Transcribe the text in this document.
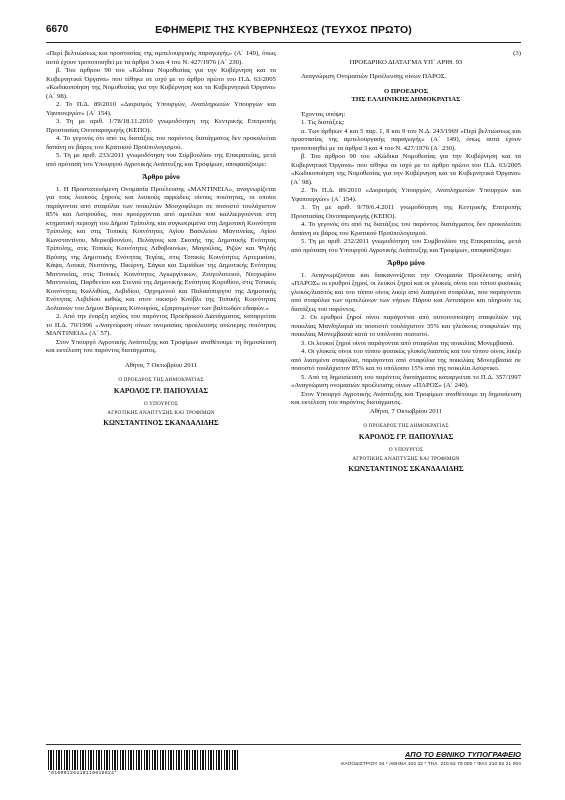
6670	ΕΦΗΜΕΡΙΣ ΤΗΣ ΚΥΒΕΡΝΗΣΕΩΣ (ΤΕΥΧΟΣ ΠΡΩΤΟ)

«Περί βελτιώσεως και προστασίας της αμπελουργικής παραγωγής» (Α΄ 149), όπως αυτά έχουν τροποποιηθεί με τα άρθρα 3 και 4 του Ν. 427/1976 (Α΄ 230).

β. Του άρθρου 90 του «Κώδικα Νομοθεσίας για την Κυβέρνηση και τα Κυβερνητικά Όργανα» που τέθηκε σε ισχύ με το άρθρο πρώτο του Π.Δ. 63/2005 «Κωδικοποίηση της Νομοθεσίας για την Κυβέρνηση και τα Κυβερνητικά Όργανα» (Α΄ 98).

2. Το Π.Δ. 89/2010 «Διορισμός Υπουργών, Αναπληρωτών Υπουργών και Υφυπουργών» (Α΄ 154).

3. Τη με αριθ. 1/78/18.11.2010 γνωμοδότηση της Κεντρικής Επιτροπής Προστασίας Οινοπαραγωγής (ΚΕΠΟ).

4. Το γεγονός ότι από τις διατάξεις του παρόντος διατάγματος δεν προκαλείται δαπάνη σε βάρος του Κρατικού Προϋπολογισμού.

5. Τη με αριθ. 233/2011 γνωμοδότηση του Συμβουλίου της Επικρατείας, μετά από πρόταση του Υπουργού Αγροτικής Ανάπτυξης και Τροφίμων, αποφασίζουμε:

Άρθρο μόνο

1. Η Προστατευόμενη Ονομασία Προέλευσης «ΜΑΝΤΙΝΕΙΑ», αναγνωρίζεται για τους λευκούς ξηρούς και λευκούς αφρώδεις οίνους ποιότητας, οι οποίοι παράγονται από σταφύλια των ποικιλιών Μοσχοφίλερο σε ποσοστό τουλάχιστον 85% και Ασπρούδες, που προέρχονται από αμπέλια που καλλιεργούνται στη κτηματική περιοχή του Δήμου Τρίπολης και συγκεκριμένα στη Δημοτική Κοινότητα Τρίπολης και στις Τοπικές Κοινότητες Αγίου Βασιλείου Μαντινείας, Αγίου Κωνσταντίνου, Μερκοβουνίου, Πελάγους και Σκοπής της Δημοτικής Ενότητας Τρίπολης, στις Τοπικές Κοινότητες Λιθοβουνίων, Μαγούλας, Ριζών και Ψηλής Βρύσης της Δημοτικής Ενότητας Τεγέας, στις Τοπικές Κοινότητες Αρτεμισίου, Κάψα, Λουκά, Νεστάνης, Πικέρνη, Σάγκα και Σιμιάδων της Δημοτικής Ενότητας Μαντινείας, στις Τοπικές Κοινότητες Αγιωργίτικων, Ζευγολατειού, Νεοχωρίου Μαντινείας, Παρθενίου και Στενού της Δημοτικής Ενότητας Κορυθίου, στις Τοπικές Κοινότητες Καλλιθέας, Λεβιδίου, Ορχομενού και Παλαιόπυργου της Δημοτικής Ενότητας Λεβιδίου καθώς και στον οικισμό Κούβλι της Τοπικής Κοινότητας Δολιανών του Δήμου Βόρειας Κυνουρίας, εξαιρουμένων των βαλτωδών εδαφών.»

2. Από την έναρξη ισχύος του παρόντος Προεδρικού Διατάγματος, καταργείται το Π.Δ. 70/1996 «Αναγνώριση οίνων ονομασίας προέλευσης ανώτερης ποιότητας ΜΑΝΤΙΝΕΙΑ» (Α΄ 57).

Στον Υπουργό Αγροτικής Ανάπτυξης και Τροφίμων αναθέτουμε τη δημοσίευση και εκτέλεση του παρόντος διατάγματος.

Αθήνα, 7 Οκτωβρίου 2011

Ο ΠΡΟΕΔΡΟΣ ΤΗΣ ΔΗΜΟΚΡΑΤΙΑΣ

ΚΑΡΟΛΟΣ ΓΡ. ΠΑΠΟΥΛΙΑΣ

Ο ΥΠΟΥΡΓΟΣ

ΑΓΡΟΤΙΚΗΣ ΑΝΑΠΤΥΞΗΣ ΚΑΙ ΤΡΟΦΙΜΩΝ

ΚΩΝΣΤΑΝΤΙΝΟΣ ΣΚΑΝΔΑΛΙΔΗΣ

(3)

ΠΡΟΕΔΡΙΚΟ ΔΙΑΤΑΓΜΑ ΥΠ΄ ΑΡΙΘ. 93

Αναγνώριση Ονομασιών Προέλευσης οίνων ΠΑΡΟΣ.

Ο ΠΡΟΕΔΡΟΣ

ΤΗΣ ΕΛΛΗΝΙΚΗΣ ΔΗΜΟΚΡΑΤΙΑΣ

Έχοντας υπόψη:

1. Τις διατάξεις:

α. Των άρθρων 4 και 5 παρ. 1, 8 και 9 του Ν.Δ. 243/1969 «Περί βελτιώσεως και προστασίας της αμπελουργικής παραγωγής» (Α΄ 149), όπως αυτά έχουν τροποποιηθεί με τα άρθρα 3 και 4 του Ν. 427/1976 (Α΄ 230).

β. Του άρθρου 90 του «Κώδικα Νομοθεσίας για την Κυβέρνηση και τα Κυβερνητικά Όργανα» που τέθηκε σε ισχύ με το άρθρο πρώτο του Π.Δ. 63/2005 «Κωδικοποίηση της Νομοθεσίας για την Κυβέρνηση και τα Κυβερνητικά Όργανα» (Α΄ 98).

2. Το Π.Δ. 89/2010 «Διορισμός Υπουργών, Αναπληρωτών Υπουργών και Υφυπουργών» (Α΄ 154).

3. Τη με αριθ. 9/79/6.4.2011 γνωμοδότηση της Κεντρικής Επιτροπής Προστασίας Οινοπαραγωγής (ΚΕΠΟ).

4. Το γεγονός ότι από τις διατάξεις του παρόντος διατάγματος δεν προκαλείται δαπάνη σε βάρος του Κρατικού Προϋπολογισμού.

5. Τη με αριθ. 232/2011 γνωμοδότηση του Συμβουλίου της Επικρατείας, μετά από πρόταση του Υπουργού Αγροτικής Ανάπτυξης και Τροφίμων, αποφασίζουμε:

Άρθρο μόνο

1. Αναγνωρίζονται και διακανονίζεται την Ονομασία Προέλευσης απλή «ΠΑΡΟΣ» οι ερυθροί ξηροί, οι λευκοί ξηροί και οι γλυκείς οίνοι του τύπου φυσικώς γλυκός/λιαστός και του τύπου οίνος λικέρ από λιασμένα σταφύλια, που παράγονται από σταφύλια των αμπελώνων των νήσων Πάρου και Αντιπάρου και πληρούν τις διατάξεις του παρόντος.

2. Οι ερυθροί ξηροί οίνοι παράγονται από συνοινοποίηση σταφυλιών της ποικιλίας Μανδηλαριά σε ποσοστό τουλάχιστον 35% και γλεύκους σταφυλιών της ποικιλίας Μονεμβασιά κατά το υπόλοιπο ποσοστό.

3. Οι λευκοί ξηροί οίνοι παράγονται από σταφύλια της ποικιλίας Μονεμβασιά.

4. Οι γλυκείς οίνοι του τύπου φυσικώς γλυκός/λιαστός και του τύπου οίνος λικέρ από λιασμένα σταφύλια, παράγονται από σταφύλια της ποικιλίας Μονεμβασιά σε ποσοστό τουλάχιστον 85% και το υπόλοιπο 15% από της ποικιλία Ασύρτικο.

5. Από τη δημοσίευση του παρόντος διατάγματος καταργείται το Π.Δ. 357/1997 «Αναγνώριση ονομασιών προέλευσης οίνων «ΠΑΡΟΣ» (Α΄ 240).

Στον Υπουργό Αγροτικής Ανάπτυξης και Τροφίμων αναθέτουμε τη δημοσίευση και εκτέλεση του παρόντος διατάγματος.

Αθήνα, 7 Οκτωβρίου 2011

Ο ΠΡΟΕΔΡΟΣ ΤΗΣ ΔΗΜΟΚΡΑΤΙΑΣ

ΚΑΡΟΛΟΣ ΓΡ. ΠΑΠΟΥΛΙΑΣ

Ο ΥΠΟΥΡΓΟΣ

ΑΓΡΟΤΙΚΗΣ ΑΝΑΠΤΥΞΗΣ ΚΑΙ ΤΡΟΦΙΜΩΝ

ΚΩΝΣΤΑΝΤΙΝΟΣ ΣΚΑΝΔΑΛΙΔΗΣ

*01000226210110010024*
ΑΠΟ ΤΟ ΕΘΝΙΚΟ ΤΥΠΟΓΡΑΦΕΙΟ
ΚΑΠΟΔΙΣΤΡΙΟΥ 34 * ΑΘΗΝΑ 104 32 * ΤΗΛ. 210 52 79 000 * ΦΑΞ 210 52 21 004
